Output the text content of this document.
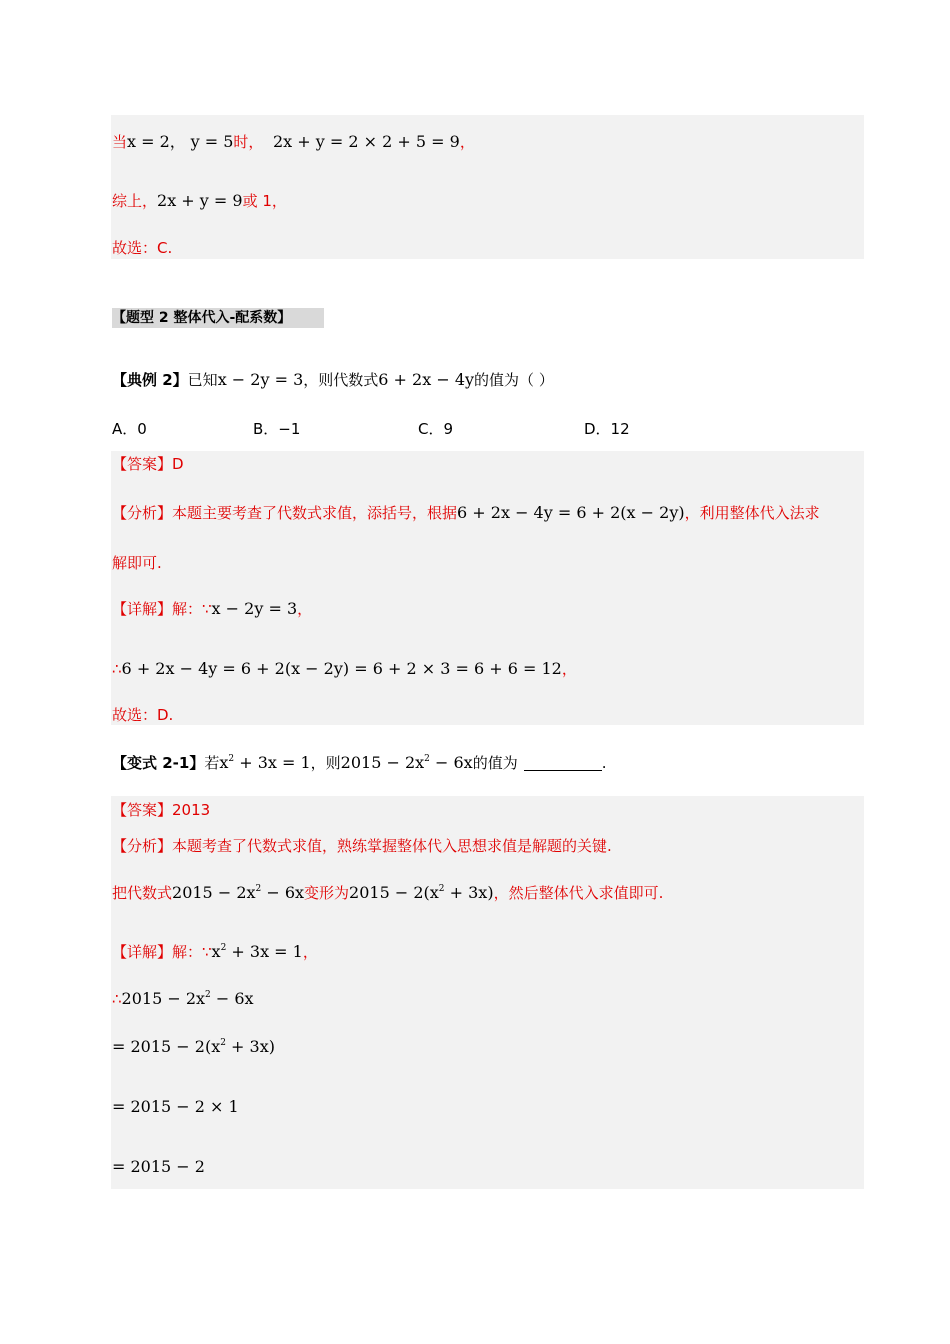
当x = 2， y = 5时， 2x + y = 2 × 2 + 5 = 9，
综上，2x + y = 9或 1，
故选：C.
【题型 2 整体代入-配系数】
【典例 2】已知x − 2y = 3，则代数式6 + 2x − 4y的值为（ ）
A．0	B．−1	C．9	D．12
【答案】D
【分析】本题主要考查了代数式求值，添括号，根据6 + 2x − 4y = 6 + 2(x − 2y)，利用整体代入法求
解即可.
【详解】解：∵x − 2y = 3，
∴6 + 2x − 4y = 6 + 2(x − 2y) = 6 + 2 × 3 = 6 + 6 = 12，
故选：D.
【变式 2-1】若$x^2 + 3x = 1$，则$2015 - 2x^2 - 6x$的值为	.
【答案】2013
【分析】本题考查了代数式求值，熟练掌握整体代入思想求值是解题的关键.
把代数式$2015 - 2x^2 - 6x$变形为$2015 - 2(x^2 + 3x)$，然后整体代入求值即可.
【详解】解：$\because x^2 + 3x = 1$，
∴2015 − $2x^2 - 6x$
= $2015 - 2(x^2 + 3x)$
= 2015 − 2 × 1
= 2015 − 2
